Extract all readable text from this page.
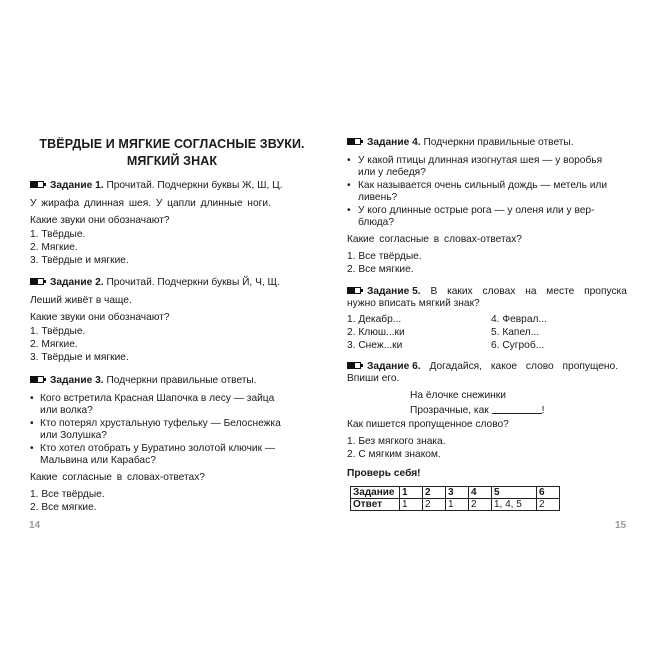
ТВЁРДЫЕ И МЯГКИЕ СОГЛАСНЫЕ ЗВУКИ.
МЯГКИЙ ЗНАК
Задание 1. Прочитай. Подчеркни буквы Ж, Ш, Ц.
У жирафа длинная шея. У цапли длинные ноги.
Какие звуки они обозначают?
1. Твёрдые.
2. Мягкие.
3. Твёрдые и мягкие.
Задание 2. Прочитай. Подчеркни буквы Й, Ч, Щ.
Леший живёт в чаще.
Какие звуки они обозначают?
1. Твёрдые.
2. Мягкие.
3. Твёрдые и мягкие.
Задание 3. Подчеркни правильные ответы.
• Кого встретила Красная Шапочка в лесу — зайца
или волка?
• Кто потерял хрустальную туфельку — Белоснежка
или Золушка?
• Кто хотел отобрать у Буратино золотой ключик —
Мальвина или Карабас?
Какие согласные в словах-ответах?
1. Все твёрдые.
2. Все мягкие.
14
Задание 4. Подчеркни правильные ответы.
• У какой птицы длинная изогнутая шея — у воробья
или у лебедя?
• Как называется очень сильный дождь — метель или
ливень?
• У кого длинные острые рога — у оленя или у вер-
блюда?
Какие согласные в словах-ответах?
1. Все твёрдые.
2. Все мягкие.
Задание 5. В каких словах на месте пропуска
нужно вписать мягкий знак?
1. Декабр...
2. Клюш...ки
3. Снеж...ки
4. Феврал...
5. Капел...
6. Сугроб...
Задание 6. Догадайся, какое слово пропущено.
Впиши его.
На ёлочке снежинки
Прозрачные, как	!
Как пишется пропущенное слово?
1. Без мягкого знака.
2. С мягким знаком.
Проверь себя!
Задание	1	2	3	4	5	6
Ответ	1	2	1	2	1, 4, 5	2
15
